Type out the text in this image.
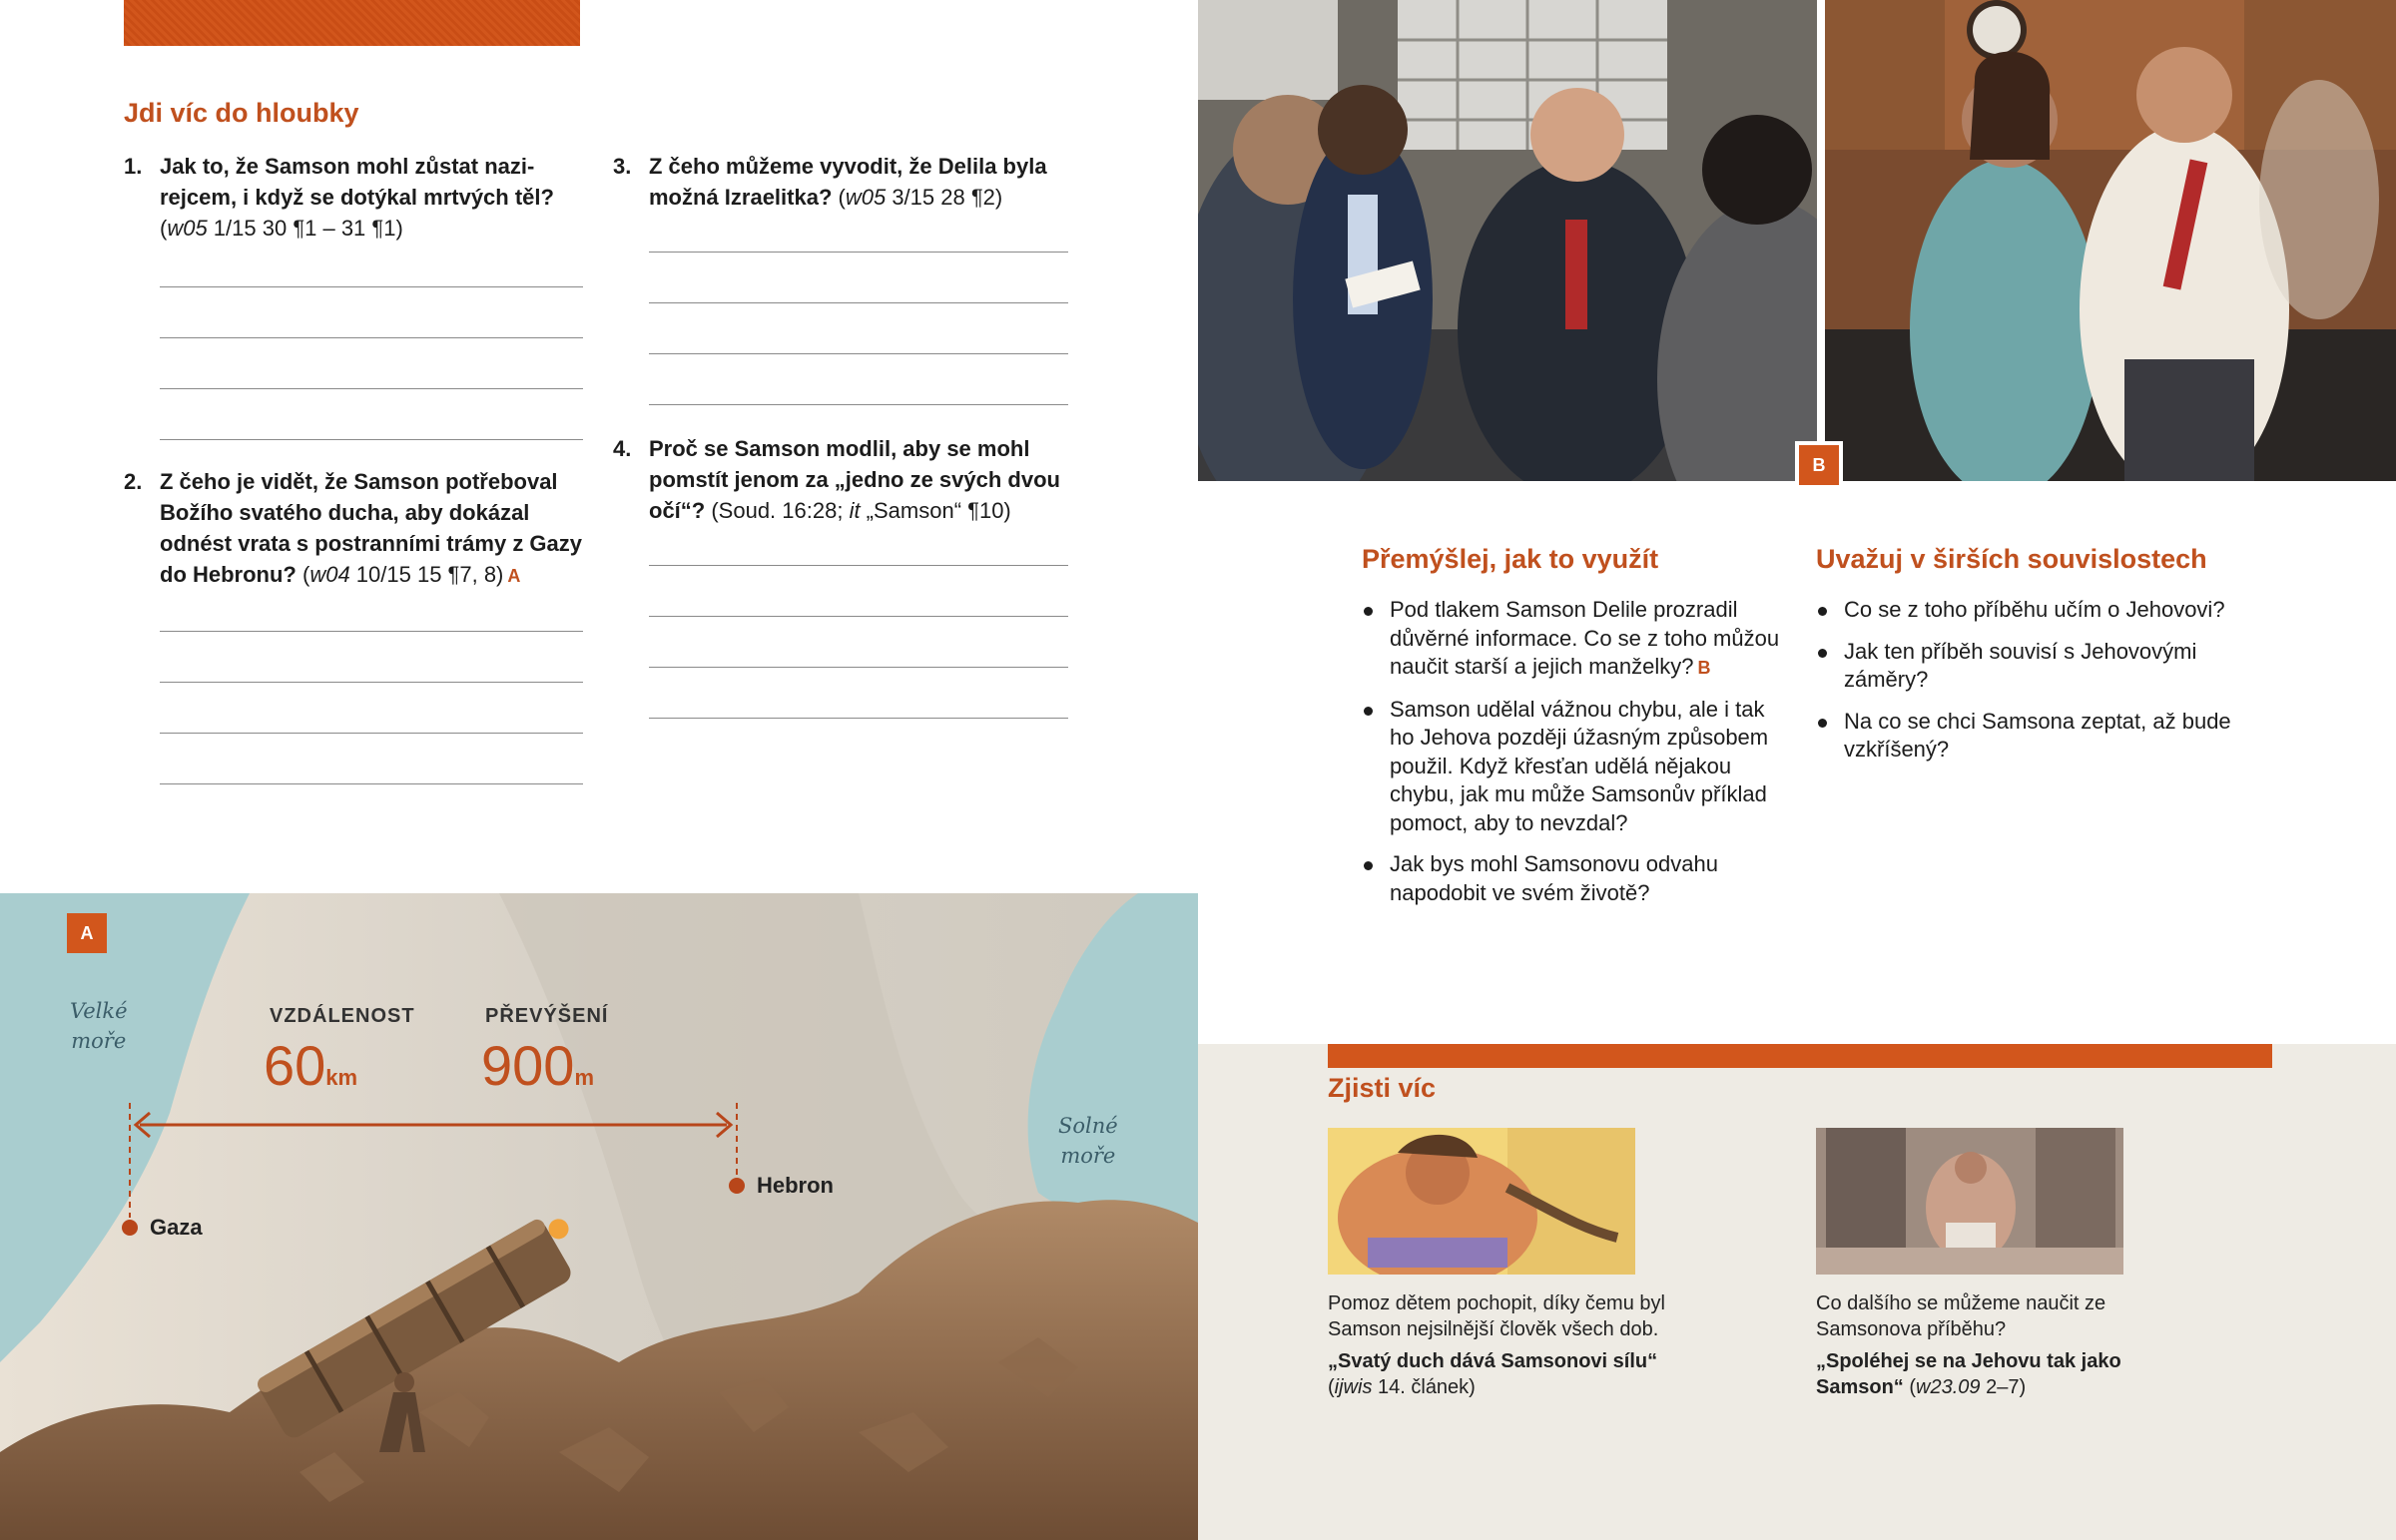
Jdi víc do hloubky
1. Jak to, že Samson mohl zůstat nazirejcem, i když se dotýkal mrtvých těl? (w05 1/15 30 ¶1 – 31 ¶1)
2. Z čeho je vidět, že Samson potřeboval Božího svatého ducha, aby dokázal odnést vrata s postranními trámy z Gazy do Hebronu? (w04 10/15 15 ¶7, 8) A
3. Z čeho můžeme vyvodit, že Delila byla možná Izraelitka? (w05 3/15 28 ¶2)
4. Proč se Samson modlil, aby se mohl pomstít jenom za „jedno ze svých dvou očí“? (Soud. 16:28; it „Samson“ ¶10)
A
Velké
moře
Solné
moře
VZDÁLENOST
60km
PŘEVÝŠENÍ
900m
Gaza
Hebron
B
Přemýšlej, jak to využít
Pod tlakem Samson Delile prozradil důvěrné informace. Co se z toho můžou naučit starší a jejich manželky? B
Samson udělal vážnou chybu, ale i tak ho Jehova později úžasným způsobem použil. Když křesťan udělá nějakou chybu, jak mu může Samsonův příklad pomoct, aby to nevzdal?
Jak bys mohl Samsonovu odvahu napodobit ve svém životě?
Uvažuj v širších souvislostech
Co se z toho příběhu učím o Jehovovi?
Jak ten příběh souvisí s Jehovovými záměry?
Na co se chci Samsona zeptat, až bude vzkříšený?
Zjisti víc
Pomoz dětem pochopit, díky čemu byl Samson nejsilnější člověk všech dob.
„Svatý duch dává Samsonovi sílu“
(ijwis 14. článek)
Co dalšího se můžeme naučit ze Samsonova příběhu?
„Spoléhej se na Jehovu tak jako Samson“ (w23.09 2–7)
